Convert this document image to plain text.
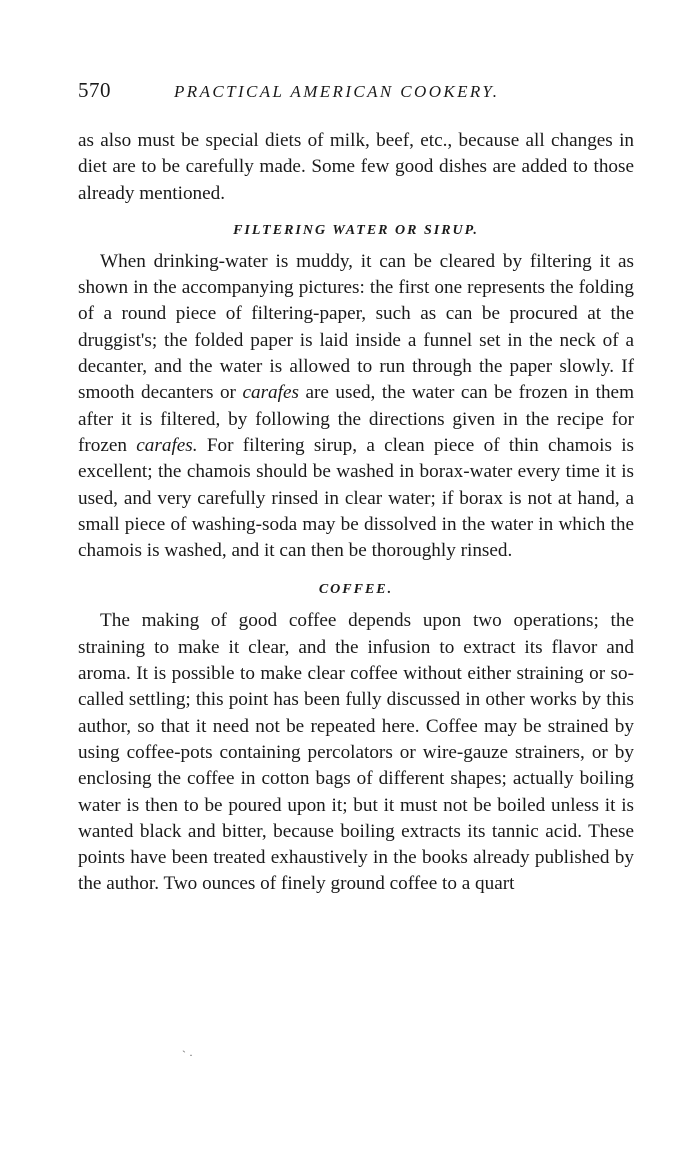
570	PRACTICAL AMERICAN COOKERY.

as also must be special diets of milk, beef, etc., because all changes in diet are to be carefully made. Some few good dishes are added to those already mentioned.

FILTERING WATER OR SIRUP.

When drinking-water is muddy, it can be cleared by filtering it as shown in the accompanying pictures: the first one represents the folding of a round piece of filtering-paper, such as can be procured at the druggist's; the folded paper is laid inside a funnel set in the neck of a decanter, and the water is allowed to run through the paper slowly. If smooth decanters or carafes are used, the water can be frozen in them after it is filtered, by following the directions given in the recipe for frozen carafes. For filtering sirup, a clean piece of thin chamois is excellent; the chamois should be washed in borax-water every time it is used, and very carefully rinsed in clear water; if borax is not at hand, a small piece of washing-soda may be dissolved in the water in which the chamois is washed, and it can then be thoroughly rinsed.

COFFEE.

The making of good coffee depends upon two operations; the straining to make it clear, and the infusion to extract its flavor and aroma. It is possible to make clear coffee without either straining or so-called settling; this point has been fully discussed in other works by this author, so that it need not be repeated here. Coffee may be strained by using coffee-pots containing percolators or wire-gauze strainers, or by enclosing the coffee in cotton bags of different shapes; actually boiling water is then to be poured upon it; but it must not be boiled unless it is wanted black and bitter, because boiling extracts its tannic acid. These points have been treated exhaustively in the books already published by the author. Two ounces of finely ground coffee to a quart

` ·
